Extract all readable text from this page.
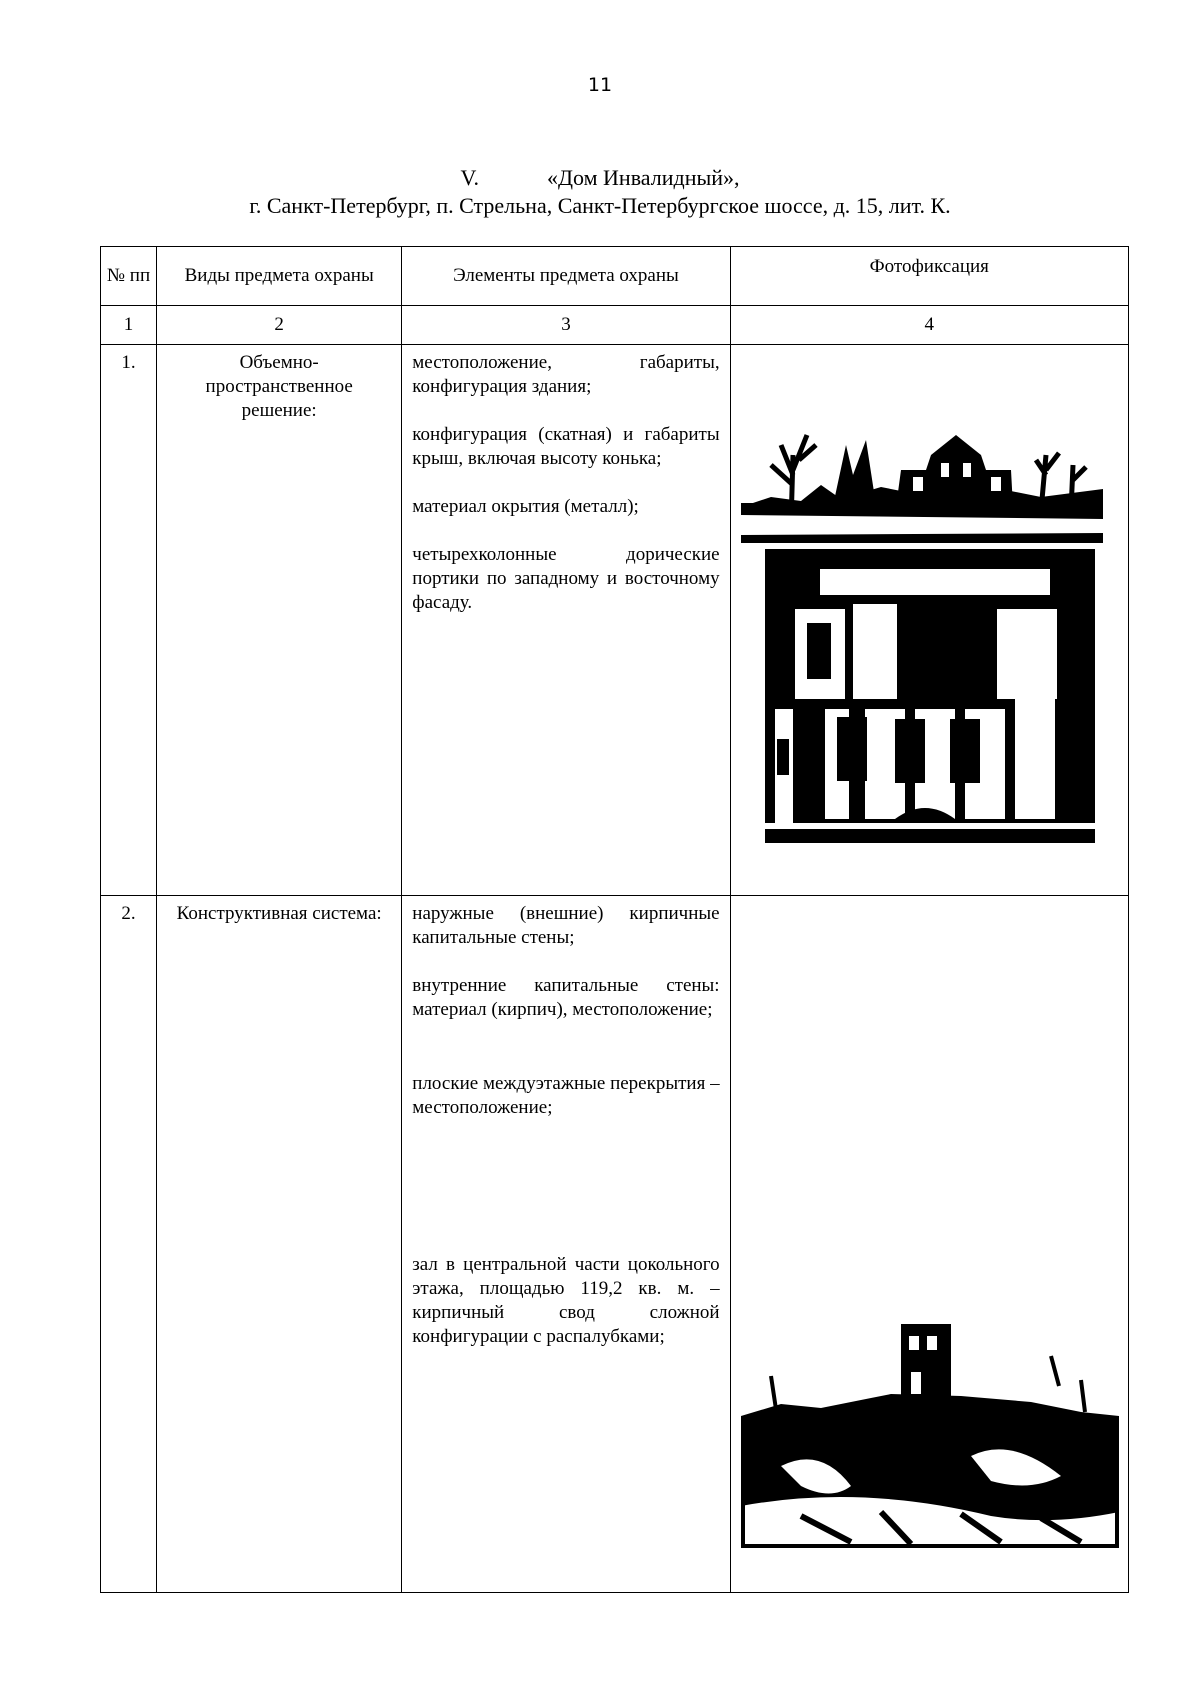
11
V.	«Дом Инвалидный»,
г. Санкт-Петербург, п. Стрельна, Санкт-Петербургское шоссе, д. 15, лит. К.
№ пп	Виды предмета охраны	Элементы предмета охраны	Фотофиксация
1	2	3	4
1.	Объемно-пространственное решение:	местоположение, габариты, конфигурация здания;

конфигурация (скатная) и габариты крыш, включая высоту конька;

материал окрытия (металл);

четырехколонные дорические портики по западному и восточному фасаду.

2.	Конструктивная система:	наружные (внешние) кирпичные капитальные стены;

внутренние капитальные стены: материал (кирпич), местоположение;

плоские междуэтажные перекрытия – местоположение;

зал в центральной части цокольного этажа, площадью 119,2 кв. м. – кирпичный свод сложной конфигурации с распалубками;
